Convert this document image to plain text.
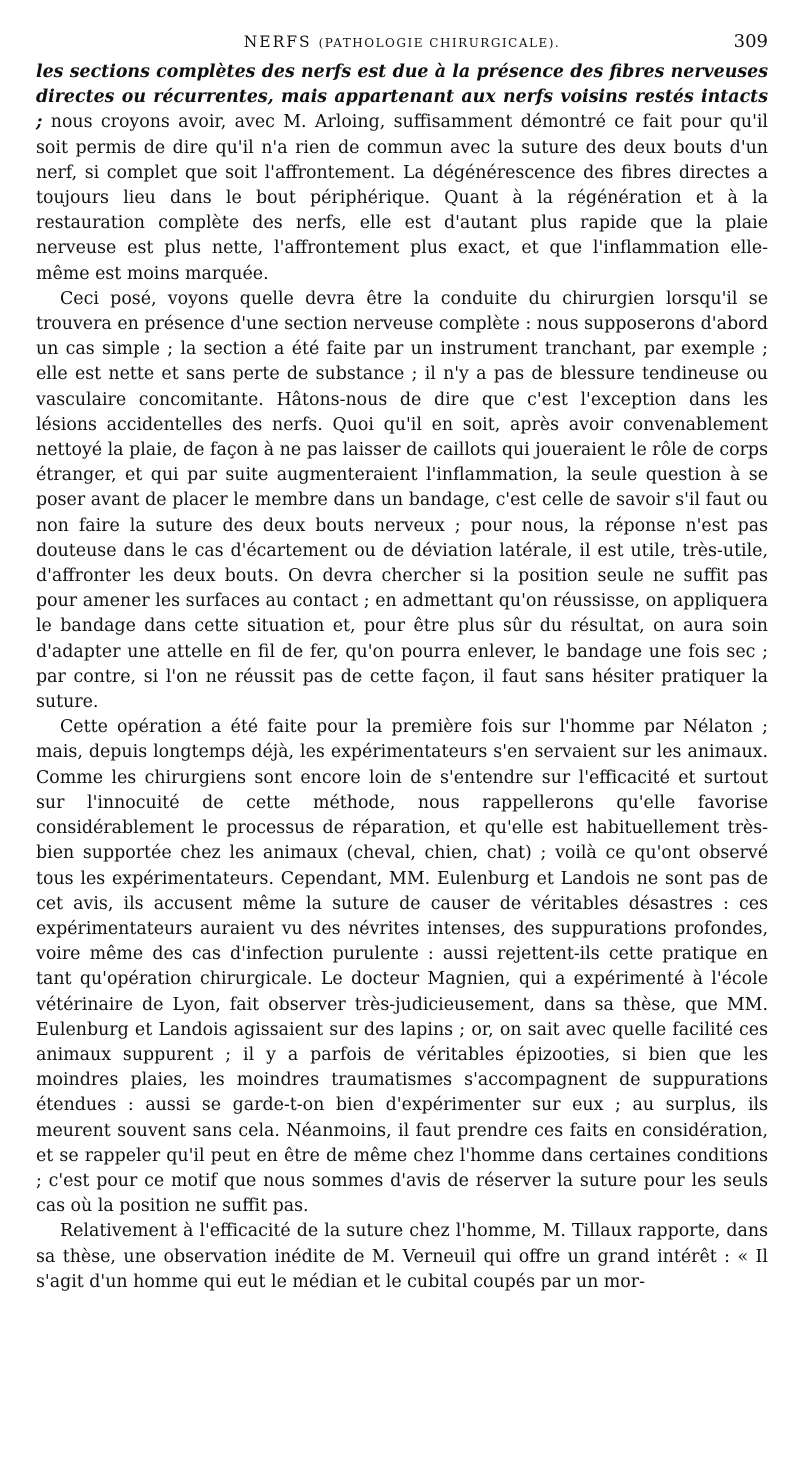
NERFS (PATHOLOGIE CHIRURGICALE).	309

les sections complètes des nerfs est due à la présence des fibres nerveuses directes ou récurrentes, mais appartenant aux nerfs voisins restés intacts ; nous croyons avoir, avec M. Arloing, suffisamment démontré ce fait pour qu'il soit permis de dire qu'il n'a rien de commun avec la suture des deux bouts d'un nerf, si complet que soit l'affrontement. La dégénérescence des fibres directes a toujours lieu dans le bout périphérique. Quant à la régénération et à la restauration complète des nerfs, elle est d'autant plus rapide que la plaie nerveuse est plus nette, l'affrontement plus exact, et que l'inflammation elle-même est moins marquée.

Ceci posé, voyons quelle devra être la conduite du chirurgien lorsqu'il se trouvera en présence d'une section nerveuse complète : nous supposerons d'abord un cas simple ; la section a été faite par un instrument tranchant, par exemple ; elle est nette et sans perte de substance ; il n'y a pas de blessure tendineuse ou vasculaire concomitante. Hâtons-nous de dire que c'est l'exception dans les lésions accidentelles des nerfs. Quoi qu'il en soit, après avoir convenablement nettoyé la plaie, de façon à ne pas laisser de caillots qui joueraient le rôle de corps étranger, et qui par suite augmenteraient l'inflammation, la seule question à se poser avant de placer le membre dans un bandage, c'est celle de savoir s'il faut ou non faire la suture des deux bouts nerveux ; pour nous, la réponse n'est pas douteuse dans le cas d'écartement ou de déviation latérale, il est utile, très-utile, d'affronter les deux bouts. On devra chercher si la position seule ne suffit pas pour amener les surfaces au contact ; en admettant qu'on réussisse, on appliquera le bandage dans cette situation et, pour être plus sûr du résultat, on aura soin d'adapter une attelle en fil de fer, qu'on pourra enlever, le bandage une fois sec ; par contre, si l'on ne réussit pas de cette façon, il faut sans hésiter pratiquer la suture.

Cette opération a été faite pour la première fois sur l'homme par Nélaton ; mais, depuis longtemps déjà, les expérimentateurs s'en servaient sur les animaux. Comme les chirurgiens sont encore loin de s'entendre sur l'efficacité et surtout sur l'innocuité de cette méthode, nous rappellerons qu'elle favorise considérablement le processus de réparation, et qu'elle est habituellement très-bien supportée chez les animaux (cheval, chien, chat) ; voilà ce qu'ont observé tous les expérimentateurs. Cependant, MM. Eulenburg et Landois ne sont pas de cet avis, ils accusent même la suture de causer de véritables désastres : ces expérimentateurs auraient vu des névrites intenses, des suppurations profondes, voire même des cas d'infection purulente : aussi rejettent-ils cette pratique en tant qu'opération chirurgicale. Le docteur Magnien, qui a expérimenté à l'école vétérinaire de Lyon, fait observer très-judicieusement, dans sa thèse, que MM. Eulenburg et Landois agissaient sur des lapins ; or, on sait avec quelle facilité ces animaux suppurent ; il y a parfois de véritables épizooties, si bien que les moindres plaies, les moindres traumatismes s'accompagnent de suppurations étendues : aussi se garde-t-on bien d'expérimenter sur eux ; au surplus, ils meurent souvent sans cela. Néanmoins, il faut prendre ces faits en considération, et se rappeler qu'il peut en être de même chez l'homme dans certaines conditions ; c'est pour ce motif que nous sommes d'avis de réserver la suture pour les seuls cas où la position ne suffit pas.

Relativement à l'efficacité de la suture chez l'homme, M. Tillaux rapporte, dans sa thèse, une observation inédite de M. Verneuil qui offre un grand intérêt : « Il s'agit d'un homme qui eut le médian et le cubital coupés par un mor-
